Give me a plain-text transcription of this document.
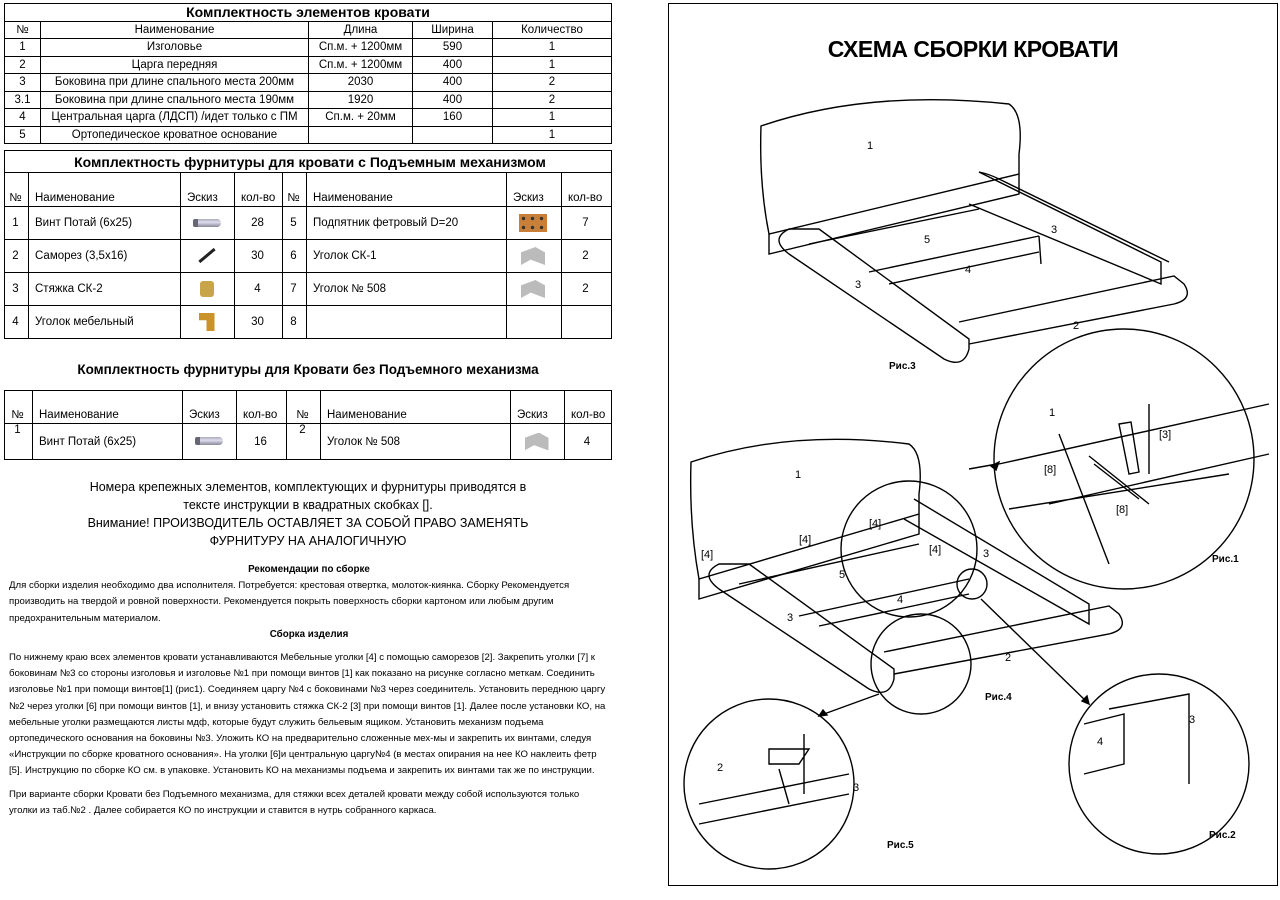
Комплектность элементов кровати				
№	Наименование	Длина	Ширина	Количество
1	Изголовье	Сп.м. + 1200мм	590	1
2	Царга передняя	Сп.м. + 1200мм	400	1
3	Боковина при длине спального места 200мм	2030	400	2
3.1	Боковина при длине спального места 190мм	1920	400	2
4	Центральная царга (ЛДСП) /идет только с ПМ	Сп.м. + 20мм	160	1
5	Ортопедическое кроватное основание			1
Комплектность фурнитуры для кровати с Подъемным механизмом							
№	Наименование	Эскиз	кол-во	№	Наименование	Эскиз	кол-во
1	Винт Потай (6х25)		28	5	Подпятник фетровый D=20		7
2	Саморез (3,5х16)		30	6	Уголок СК-1		2
3	Стяжка СК-2		4	7	Уголок № 508		2
4	Уголок мебельный		30	8			
Комплектность фурнитуры для Кровати без Подъемного механизма
№	Наименование	Эскиз	кол-во	№	Наименование	Эскиз	кол-во
1	Винт Потай (6х25)		16	2	Уголок № 508		4
Номера крепежных элементов, комплектующих и фурнитуры приводятся в
тексте инструкции в квадратных скобках [].
Внимание! ПРОИЗВОДИТЕЛЬ ОСТАВЛЯЕТ ЗА СОБОЙ ПРАВО ЗАМЕНЯТЬ
ФУРНИТУРУ НА АНАЛОГИЧНУЮ
Рекомендации по сборке
Для сборки изделия необходимо два исполнителя. Потребуется: крестовая отвертка, молоток-киянка. Сборку Рекомендуется производить на твердой и ровной поверхности. Рекомендуется покрыть поверхность сборки картоном или любым другим предохранительным материалом.
Сборка изделия
По нижнему краю всех элементов кровати устанавливаются Мебельные уголки [4] с помощью саморезов [2]. Закрепить уголки [7] к боковинам №3 со стороны изголовья и изголовье №1 при помощи винтов [1] как показано на рисунке согласно меткам. Соединить изголовье №1 при помощи винтов[1] (рис1). Соединяем царгу №4 с боковинами №3 через соединитель. Установить переднюю царгу №2 через уголки [6] при помощи винтов [1], и внизу установить стяжка СК-2 [3] при помощи винтов [1]. Далее после установки КО, на мебельные уголки размещаются листы мдф, которые будут служить бельевым ящиком. Установить механизм подъема ортопедического основания на боковины №3. Уложить КО на предварительно сложенные мех-мы и закрепить их винтами, следуя «Инструкции по сборке кроватного основания». На уголки [6]и центральную царгу№4 (в местах опирания на нее КО наклеить фетр [5]. Инструкцию по сборке КО см. в упаковке. Установить КО на механизмы подъема и закрепить их винтами так же по инструкции.
При варианте сборки Кровати без Подъемного механизма, для стяжки всех деталей кровати между собой используются только уголки из таб.№2 . Далее собирается КО по инструкции и ставится в нутрь собранного каркаса.
СХЕМА СБОРКИ КРОВАТИ
1
5
4
3
3
2
Рис.3
1
5
4
3
3
2
[4]
[4]
[4]
[4]
Рис.4
1
[3]
[8]
[8]
Рис.1
4
3
Рис.2
2
3
Рис.5
